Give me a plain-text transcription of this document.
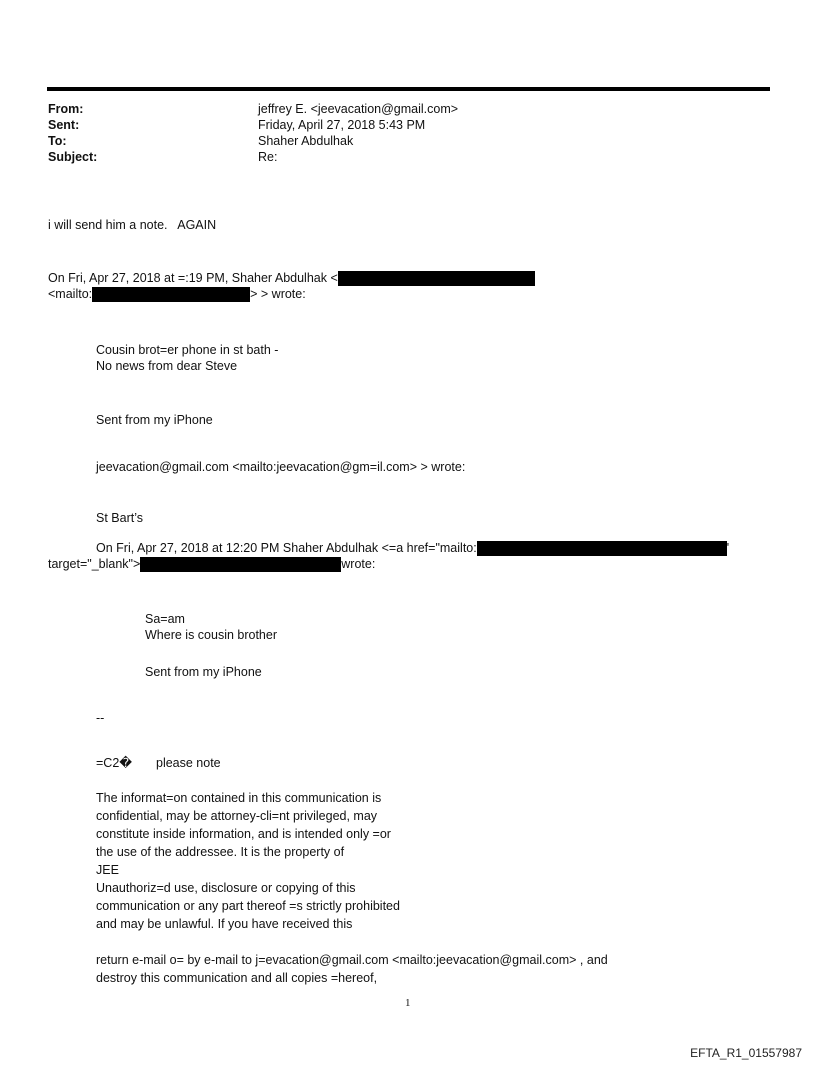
From:	jeffrey E. <jeevacation@gmail.com>
Sent:	Friday, April 27, 2018 5:43 PM
To:	Shaher Abdulhak
Subject:	Re:
i will send him a note.   AGAIN
On Fri, Apr 27, 2018 at =:19 PM, Shaher Abdulhak <
<mailto:	> > wrote:
Cousin brot=er phone in st bath -
No news from dear Steve
Sent from my iPhone
jeevacation@gmail.com <mailto:jeevacation@gm=il.com> > wrote:
St Bart’s
On Fri, Apr 27, 2018 at 12:20 PM Shaher Abdulhak <=a href="mailto:	'
target="_blank">	wrote:
Sa=am
Where is cousin brother
Sent from my iPhone
--
=C2� please note
1
EFTA_R1_01557987
The informat=on contained in this communication is
confidential, may be attorney-cli=nt privileged, may
constitute inside information, and is intended only =or
the use of the addressee. It is the property of
JEE
Unauthoriz=d use, disclosure or copying of this
communication or any part thereof =s strictly prohibited
and may be unlawful. If you have received this
return e-mail o= by e-mail to j=evacation@gmail.com <mailto:jeevacation@gmail.com> , and
destroy this communication and all copies =hereof,
